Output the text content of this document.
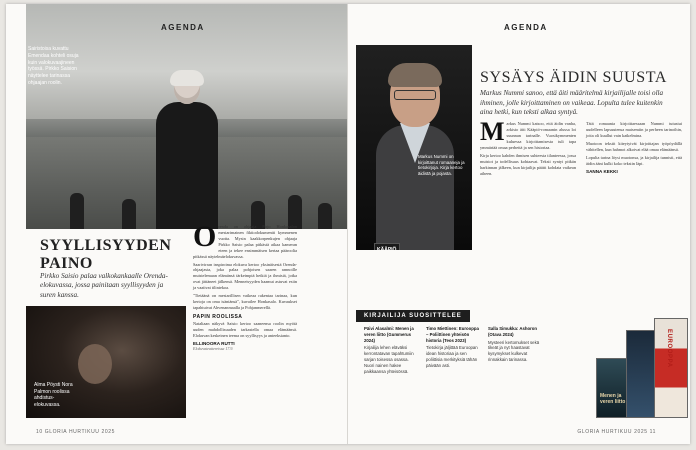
AGENDA
Sairistoisa kuvattu Emendaa kohteli osuja kuin valokuvaajineen työssä. Pirkko Saision näyttelee tarinassa ohjaajan roolin.
SYYLLISYYDEN PAINO
Pirkko Saisio palaa valkokankaalle Orenda-elokuvassa, jossa painitaan syyllisyyden ja suren kanssa.
Alma Pöysti Nora Palmon roolissa ahdistus-elokuvassa.

Orenda on ohjaaja Pirjo Honkasalon mestarimainen fiktiodokumentti kymmenen vuotta. Mysin kaakkorpenkujen ohjaaja Pirkko Saisio palaa pitkästä aikaa kameran eteen ja tekee ensimmäisen kertaa pääroolia pitkässä näytelmäelokuvassa.

Saarivirran inspiroima elokuva kertoo yksinäisestä Orenda-ohjaajasta, joka palaa pohjoisen saaren rannoille muistelemaan elämänsä tärkeimpiä hetkiä ja ihmisiä, jotka ovat jättäneet jälkensä. Menneisyyden haamut astuvat esiin ja vaativat tilintekoa.

"Tietäänä on mestarillisen vaikeaa rakentaa tarinaa, kun kertoja on oma isäntänsä", kuvailee Honkasalo. Kuvaukset tapahtuivat Ahvenanmaalla ja Pohjanmerellä.

PAPIN ROOLISSA

Nataliaan näkyvä Saisio kertoo saaneensa roolin myötä uuden mahdollisuuden tarkastella omaa elämäänsä. Elokuvan keskeinen teema on syyllisyys ja anteeksianto.

ELLINOORA RUTTI
Elokuvateattereissa 17.9.
10 GLORIA HURTIKUU 2025
AGENDA
KÄÄPIÖ
Markus Nummi on kirjoittanut romaaneja ja tietokirjoja. Kirja kertoo äidistä ja pojasta.
SYSÄYS ÄIDIN SUUSTA
Markus Nummi sanoo, että äiti määritelmä kirjailijalle toisi olla ihminen, jolle kirjoittaminen on vaikeaa. Lopulta tulee kuitenkin aina hetki, kun teksti alkaa syntyä.

Markus Nummi katsoo, että äidin vanha, arkisto äiti Kääpiö-romaanin alussa loi suunnan tarinalle. Vuosikymmenten kuluessa kirjoittamisesta tuli tapa ymmärtää omaa perhettä ja sen historiaa.

Kirja kertoo kahden ihmisen suhteesta tilanteessa, jossa muistot ja todellisuus kohtaavat. Teksti syntyi pitkän harkinnan jälkeen, kun kirjailija päätti kohdata vaikean aiheen.

Tätä romaania kirjoittaessaan Nummi tutustui uudelleen lapsuutensa maisemiin ja perheen tarinoihin, joita oli kuullut vain katkelmina.

Muotoon tekstit kiteytyivät kirjoittajan työpöydällä vähitellen, kun hahmot alkoivat elää omaa elämäänsä.

Lopulta tarina löysi muotonsa, ja kirjailija tunnisti, että äidin ääni kulki koko tekstin läpi.

SANNA KEKKI
KIRJAILIJA SUOSITTELEE
Päivi Alasalmi: Menen ja veren liitto (Gummerus 2024)
Kirjailija lehen eläväksi kerrontatavan tapahtumiin sarjan toisessa osassa. Nuori nainen hakee paikkaansa yhteisössä.
Timo Miettinen: Eurooppa – Poliittinen yhteisön historia (Teos 2023)
Tietokirja jäljittää Euroopan idean historiaa ja sen poliittisia merkityksiä tähän päivään asti.
Salla Simukka: Ashoron (Otava 2024)
Mysteeri kertomukset sekä tikeät ja nyt haastavat kysymykset kulkevat rinnakkain tarinassa.
Menen ja veren liitto
EUROOPPA
GLORIA HURTIKUU 2025 11
